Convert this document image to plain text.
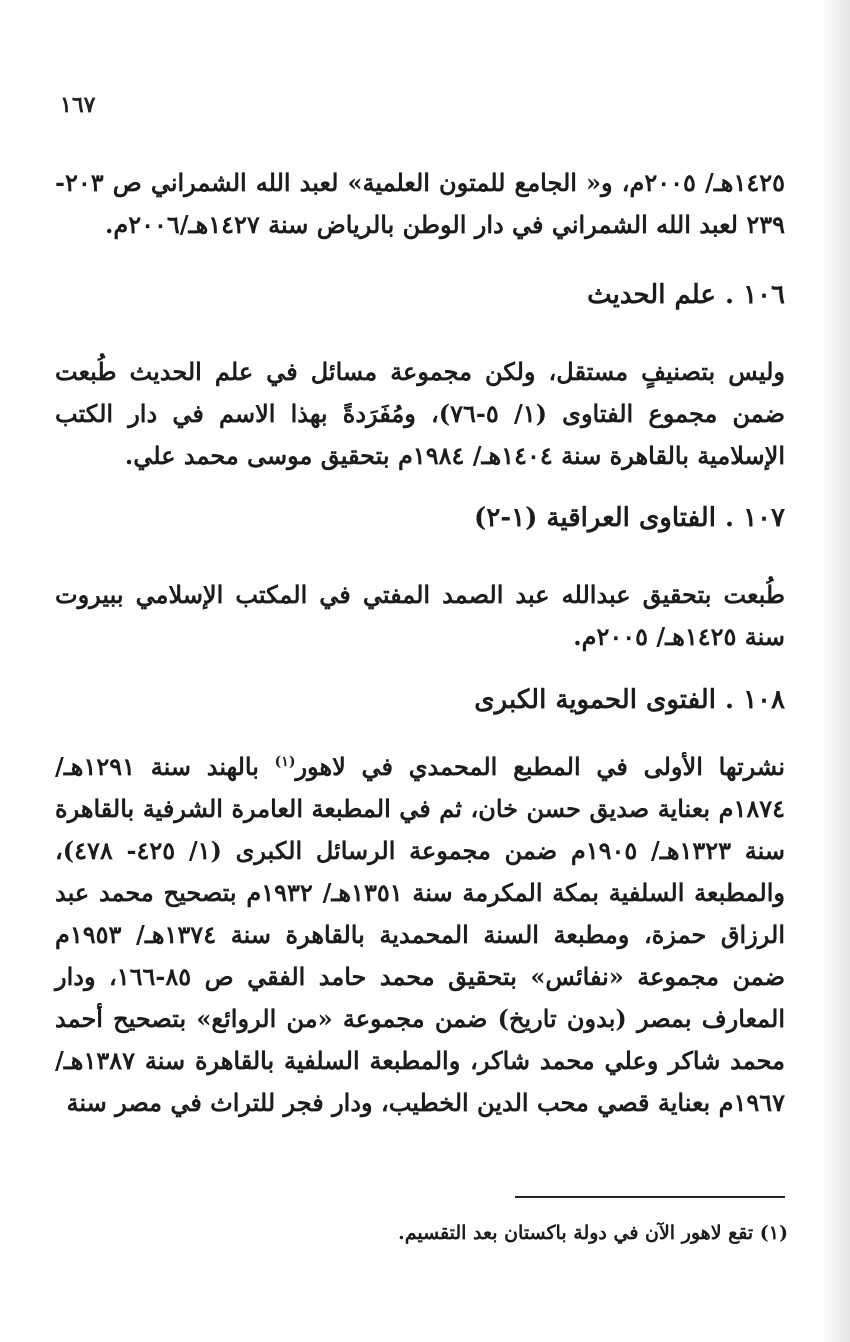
١٦٧

١٤٢٥هـ/ ٢٠٠٥م، و« الجامع للمتون العلمية» لعبد الله الشمراني ص ٢٠٣- ٢٣٩ لعبد الله الشمراني في دار الوطن بالرياض سنة ١٤٢٧هـ/٢٠٠٦م.

١٠٦ . علم الحديث

وليس بتصنيفٍ مستقل، ولكن مجموعة مسائل في علم الحديث طُبعت ضمن مجموع الفتاوى (١/ ٥-٧٦)، ومُفَرَدةً بهذا الاسم في دار الكتب الإسلامية بالقاهرة سنة ١٤٠٤هـ/ ١٩٨٤م بتحقيق موسى محمد علي.

١٠٧ . الفتاوى العراقية (١-٢)

طُبعت بتحقيق عبدالله عبد الصمد المفتي في المكتب الإسلامي ببيروت سنة ١٤٢٥هـ/ ٢٠٠٥م.

١٠٨ . الفتوى الحموية الكبرى

نشرتها الأولى في المطبع المحمدي في لاهور$^{(١)}$ بالهند سنة ١٢٩١هـ/ ١٨٧٤م بعناية صديق حسن خان، ثم في المطبعة العامرة الشرفية بالقاهرة سنة ١٣٢٣هـ/ ١٩٠٥م ضمن مجموعة الرسائل الكبرى (١/ ٤٢٥- ٤٧٨)، والمطبعة السلفية بمكة المكرمة سنة ١٣٥١هـ/ ١٩٣٢م بتصحيح محمد عبد الرزاق حمزة، ومطبعة السنة المحمدية بالقاهرة سنة ١٣٧٤هـ/ ١٩٥٣م ضمن مجموعة «نفائس» بتحقيق محمد حامد الفقي ص ٨٥-١٦٦، ودار المعارف بمصر (بدون تاريخ) ضمن مجموعة «من الروائع» بتصحيح أحمد محمد شاكر وعلي محمد شاكر، والمطبعة السلفية بالقاهرة سنة ١٣٨٧هـ/ ١٩٦٧م بعناية قصي محب الدين الخطيب، ودار فجر للتراث في مصر سنة

(١) تقع لاهور الآن في دولة باكستان بعد التقسيم.
